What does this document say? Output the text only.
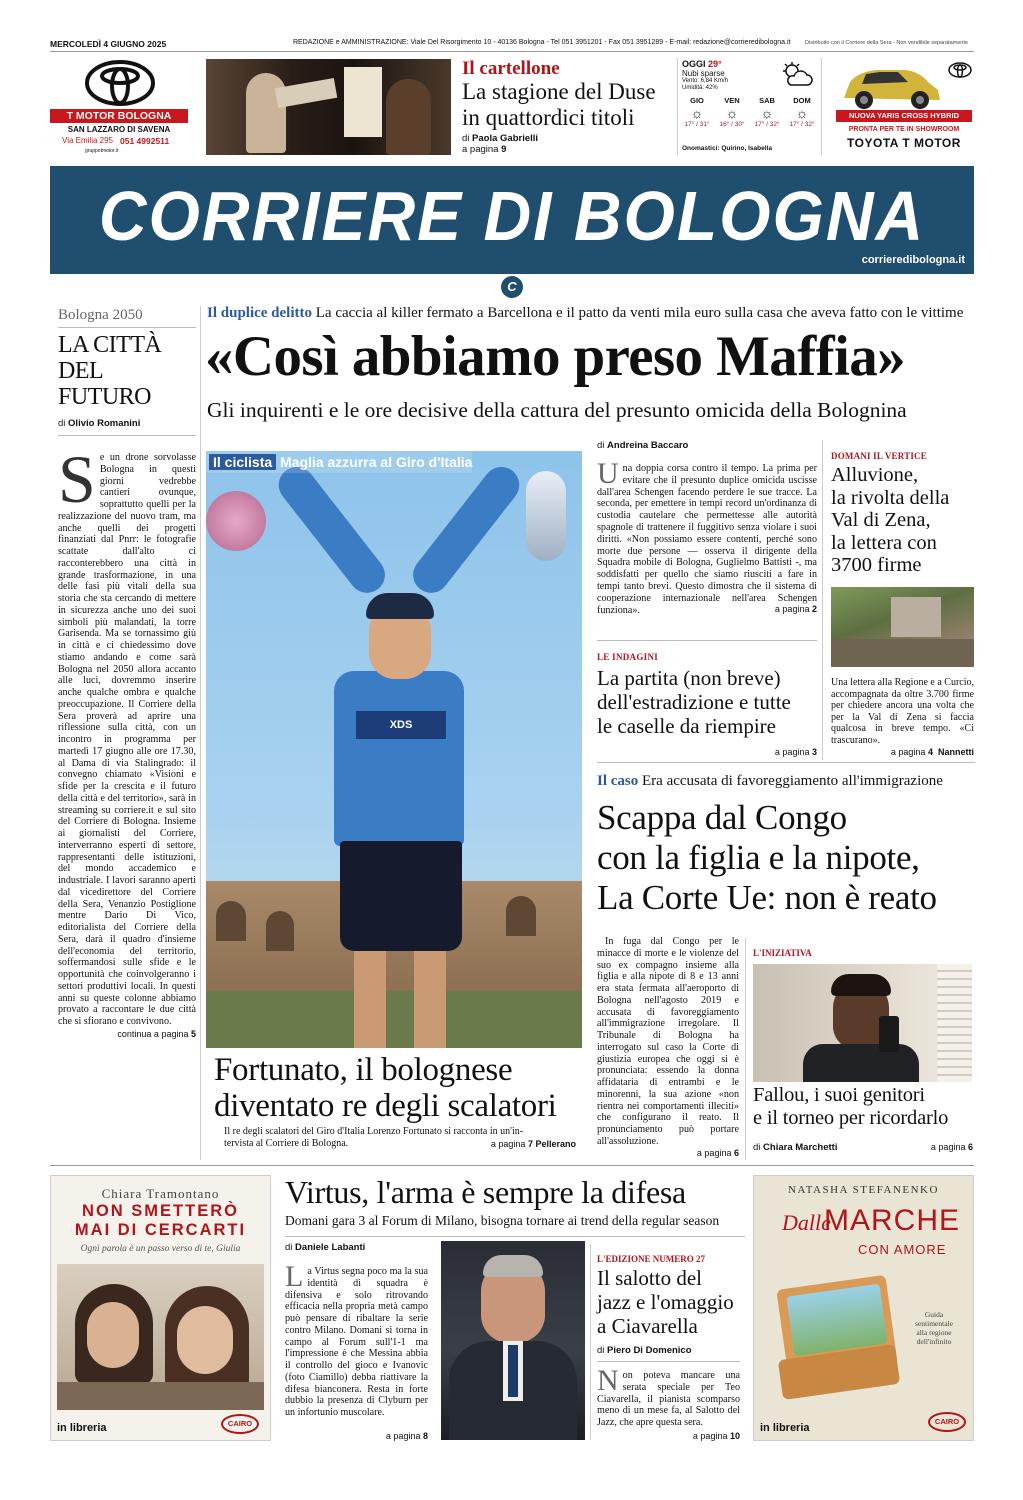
MERCOLEDÌ 4 GIUGNO 2025	REDAZIONE e AMMINISTRAZIONE: Viale Del Risorgimento 10 - 40136 Bologna - Tel 051 3951201 - Fax 051 3951289 - E-mail: redazione@corrieredibologna.it	Distribuito con il Corriere della Sera - Non vendibile separatamente
T MOTOR BOLOGNA
SAN LAZZARO DI SAVENA
Via Emilia 295 051 4992511
gruppotmotor.it
Il cartellone
La stagione del Duse
in quattordici titoli
di Paola Gabrielli
a pagina 9
OGGI 29°
Nubi sparse
Vento: 6,84 Km/h
Umidità: 42%
GIO
☼
17° / 31°
VEN
☼
16° / 30°
SAB
☼
17° / 32°
DOM
☼
17° / 32°
Onomastici: Quirino, Isabella
NUOVA YARIS CROSS HYBRID
PRONTA PER TE IN SHOWROOM
TOYOTA T MOTOR
CORRIERE DI BOLOGNA
corrieredibologna.it
C
Bologna 2050
LA CITTÀ
DEL FUTURO
di Olivio Romanini
Se un drone sorvolasse Bologna in questi giorni vedrebbe cantieri ovunque, soprattutto quelli per la realizzazione del nuovo tram, ma anche quelli dei progetti finanziati dal Pnrr: le fotografie scattate dall'alto ci racconterebbero una città in grande trasformazione, in una delle fasi più vitali della sua storia che sta cercando di mettere in sicurezza anche uno dei suoi simboli più malandati, la torre Garisenda. Ma se tornassimo giù in città e ci chiedessimo dove stiamo andando e come sarà Bologna nel 2050 allora accanto alle luci, dovremmo inserire anche qualche ombra e qualche preoccupazione. Il Corriere della Sera proverà ad aprire una riflessione sulla città, con un incontro in programma per martedì 17 giugno alle ore 17.30, al Dama di via Stalingrado: il convegno chiamato «Visioni e sfide per la crescita e il futuro della città e del territorio», sarà in streaming su corriere.it e sul sito del Corriere di Bologna. Insieme ai giornalisti del Corriere, interverranno esperti di settore, rappresentanti delle istituzioni, del mondo accademico e industriale. I lavori saranno aperti dal vicedirettore del Corriere della Sera, Venanzio Postiglione mentre Dario Di Vico, editorialista del Corriere della Sera, darà il quadro d'insieme dell'economia del territorio, soffermandosi sulle sfide e le opportunità che coinvolgeranno i settori produttivi locali. In questi anni su queste colonne abbiamo provato a raccontare le due città che si sfiorano e convivono.
continua a pagina 5
Il duplice delitto La caccia al killer fermato a Barcellona e il patto da venti mila euro sulla casa che aveva fatto con le vittime
«Così abbiamo preso Maffia»
Gli inquirenti e le ore decisive della cattura del presunto omicida della Bolognina
XDS
Il ciclista Maglia azzurra al Giro d'Italia
Fortunato, il bolognese
diventato re degli scalatori
Il re degli scalatori del Giro d'Italia Lorenzo Fortunato si racconta in un'in-
tervista al Corriere di Bologna.	a pagina 7 Pellerano
di Andreina Baccaro
Una doppia corsa contro il tempo. La prima per evitare che il presunto duplice omicida uscisse dall'area Schengen facendo perdere le sue tracce. La seconda, per emettere in tempi record un'ordinanza di custodia cautelare che permettesse alle autorità spagnole di trattenere il fuggitivo senza violare i suoi diritti. «Non possiamo essere contenti, perché sono morte due persone — osserva il dirigente della Squadra mobile di Bologna, Guglielmo Battisti -, ma soddisfatti per quello che siamo riusciti a fare in tempi tanto brevi. Questo dimostra che il sistema di cooperazione internazionale nell'area Schengen funziona».	a pagina 2
LE INDAGINI
La partita (non breve)
dell'estradizione e tutte
le caselle da riempire
a pagina 3
DOMANI IL VERTICE
Alluvione,
la rivolta della
Val di Zena,
la lettera con
3700 firme
Una lettera alla Regione e a Curcio, accompagnata da oltre 3.700 firme per chiedere ancora una volta che per la Val di Zena si faccia qualcosa in breve tempo. «Ci trascurano».
a pagina 4 Nannetti
Il caso Era accusata di favoreggiamento all'immigrazione
Scappa dal Congo
con la figlia e la nipote,
La Corte Ue: non è reato
In fuga dal Congo per le minacce di morte e le violenze del suo ex compagno insieme alla figlia e alla nipote di 8 e 13 anni era stata fermata all'aeroporto di Bologna nell'agosto 2019 e accusata di favoreggiamento all'immigrazione irregolare. Il Tribunale di Bologna ha interrogato sul caso la Corte di giustizia europea che oggi si è pronunciata: essendo la donna affidataria di entrambi e le minorenni, la sua azione «non rientra nei comportamenti illeciti» che configurano il reato. Il pronunciamento può portare all'assoluzione.
a pagina 6
L'INIZIATIVA
Fallou, i suoi genitori
e il torneo per ricordarlo
di Chiara Marchetti	a pagina 6
Chiara Tramontano
NON SMETTERÒ
MAI DI CERCARTI
Ogni parola è un passo verso di te, Giulia
in libreria	CAIRO
Virtus, l'arma è sempre la difesa
Domani gara 3 al Forum di Milano, bisogna tornare ai trend della regular season
di Daniele Labanti
La Virtus segna poco ma la sua identità di squadra è difensiva e solo ritrovando efficacia nella propria metà campo può pensare di ribaltare la serie contro Milano. Domani si torna in campo al Forum sull'1-1 ma l'impressione è che Messina abbia il controllo del gioco e Ivanovic (foto Ciamillo) debba riattivare la difesa bianconera. Resta in forte dubbio la presenza di Clyburn per un infortunio muscolare.
a pagina 8
L'EDIZIONE NUMERO 27
Il salotto del
jazz e l'omaggio
a Ciavarella
di Piero Di Domenico
Non poteva mancare una serata speciale per Teo Ciavarella, il pianista scomparso meno di un mese fa, al Salotto del Jazz, che apre questa sera.
a pagina 10
NATASHA STEFANENKO
Dalle
MARCHE
CON AMORE
Guida sentimentale alla regione dell'infinito
in libreria
CAIRO
